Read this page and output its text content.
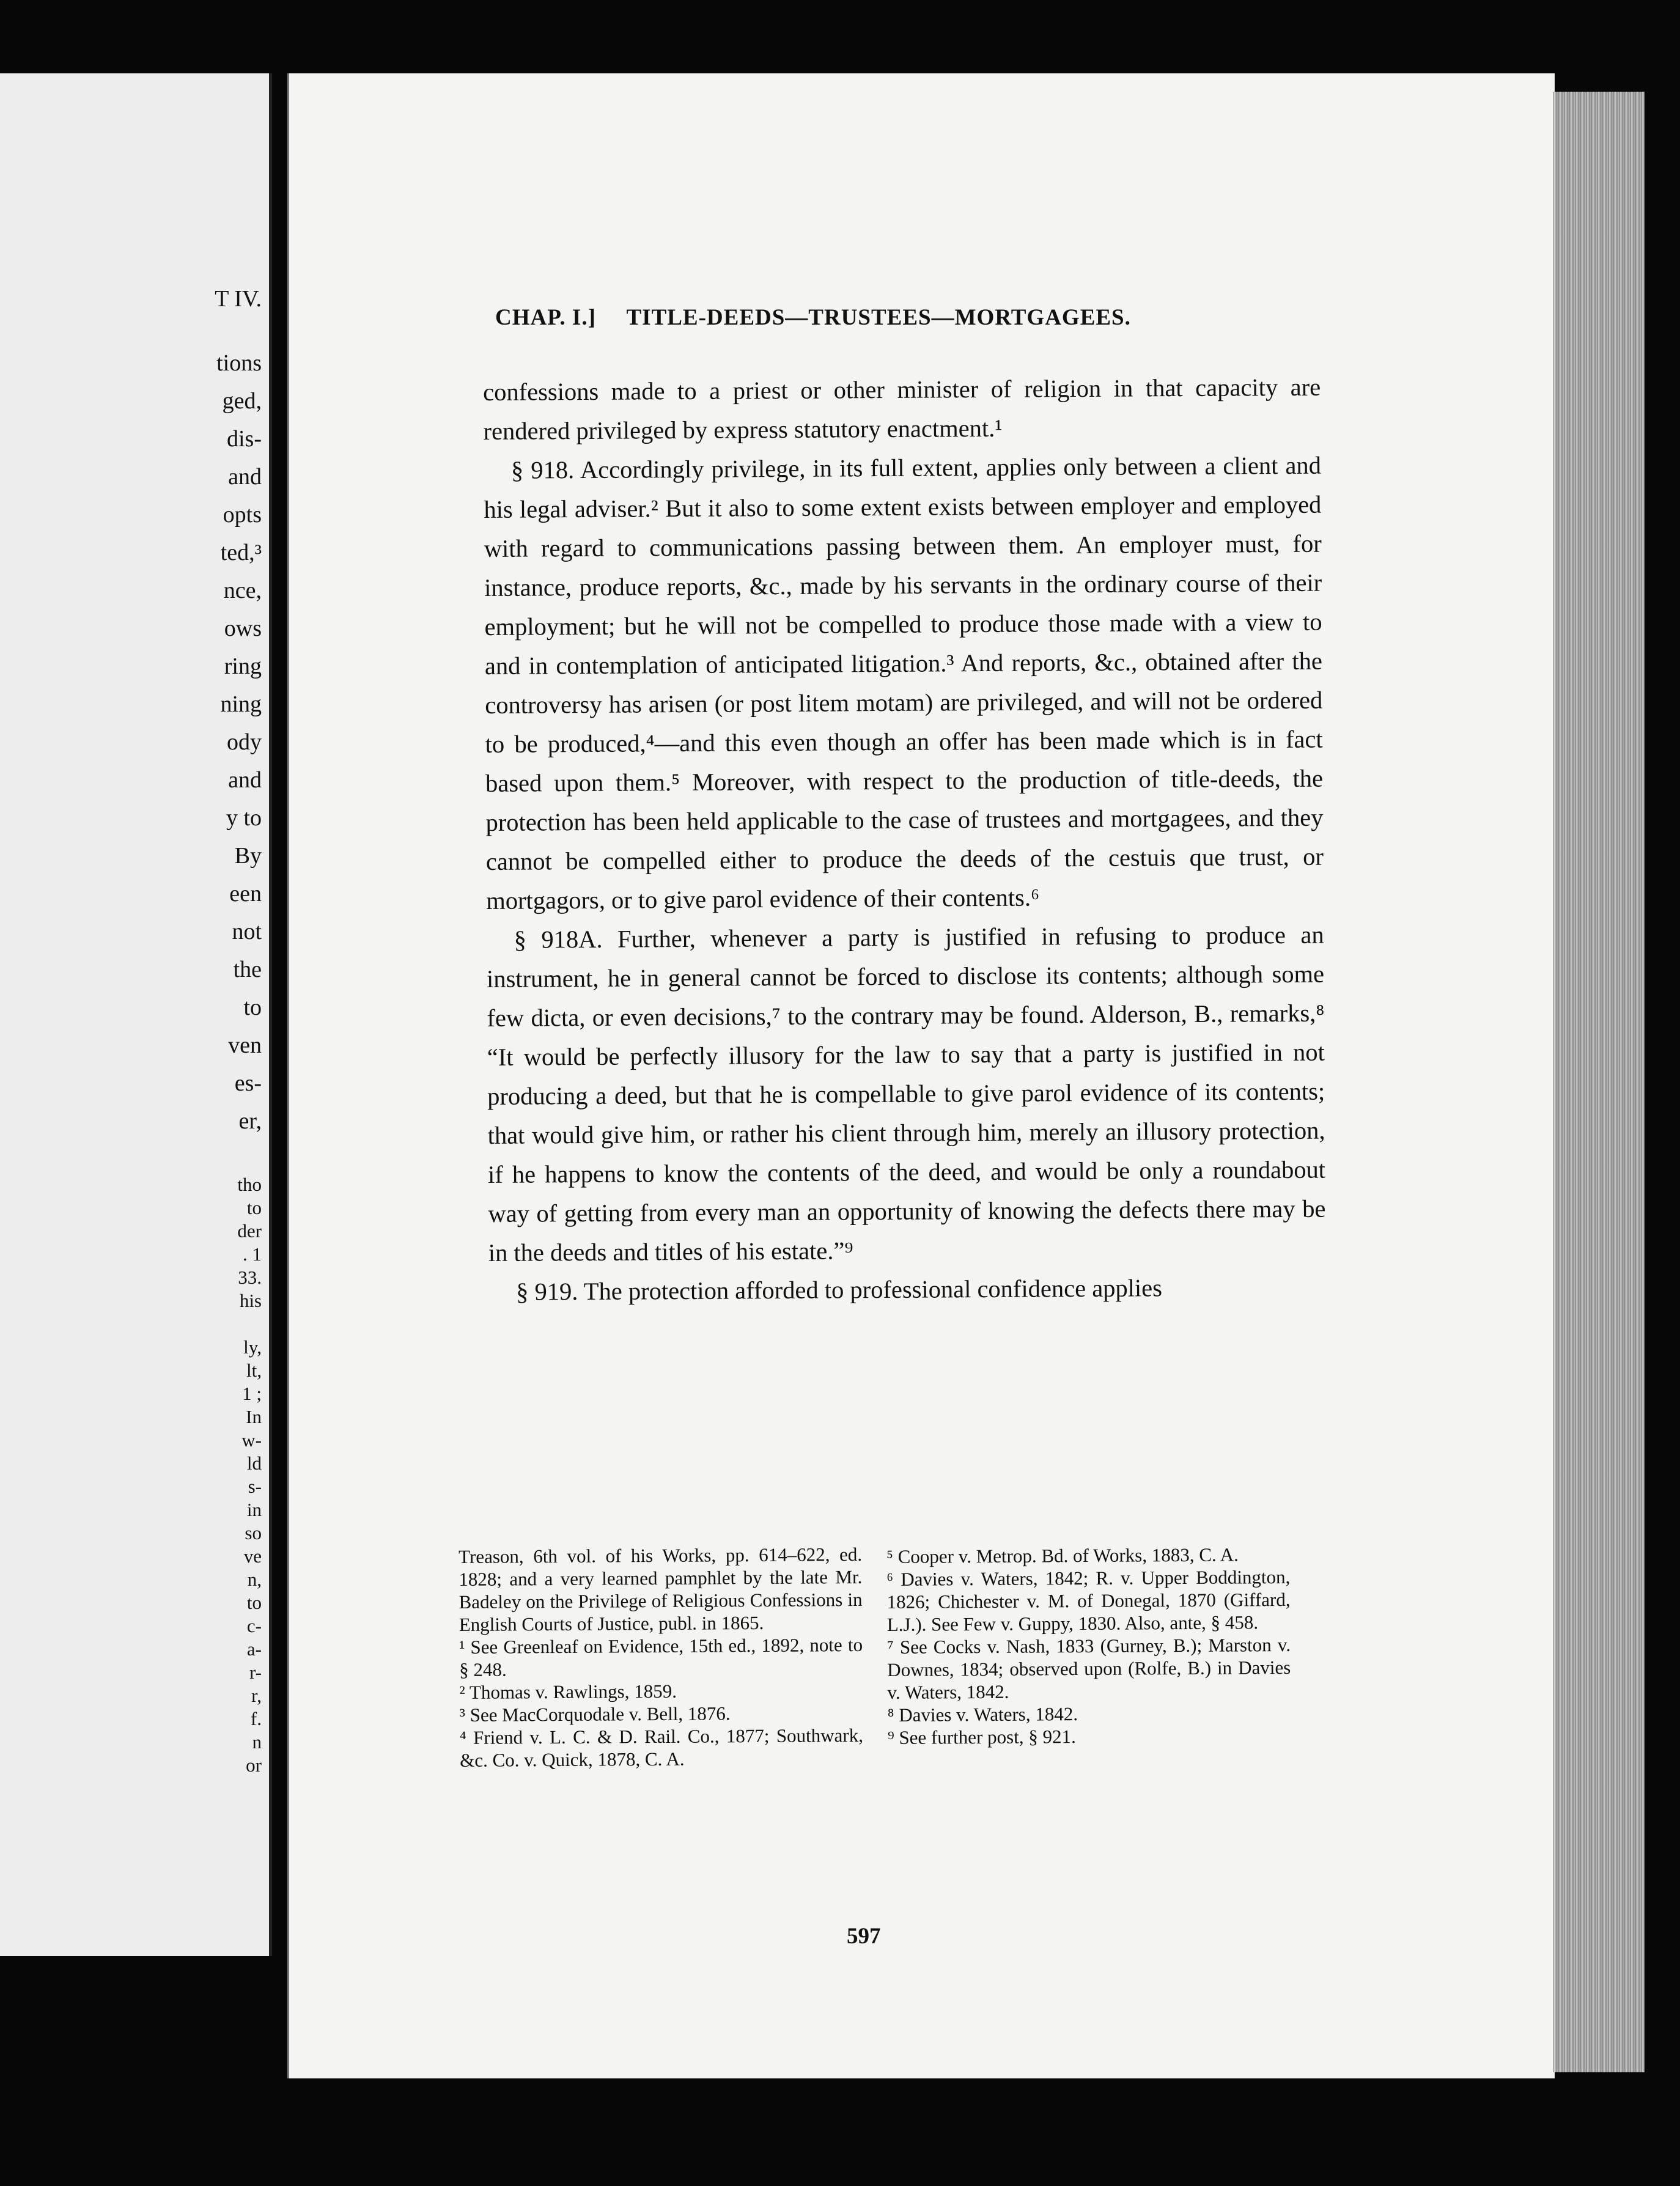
T IV.
tions
ged,
dis-
and
opts
ted,³
nce,
ows
ring
ning
ody
and
y to
By
een
not
the
to
ven
es-
er,
tho
to
der
. 1
33.
his
ly,
lt,
1 ;
In
w-
ld
s-
in
so
ve
n,
to
c-
a-
r-
r,
f.
n
or
CHAP. I.] TITLE-DEEDS—TRUSTEES—MORTGAGEES.

confessions made to a priest or other minister of religion in that capacity are rendered privileged by express statutory enactment.¹

§ 918. Accordingly privilege, in its full extent, applies only between a client and his legal adviser.² But it also to some extent exists between employer and employed with regard to communications passing between them. An employer must, for instance, produce reports, &c., made by his servants in the ordinary course of their employment; but he will not be compelled to produce those made with a view to and in contemplation of anticipated litigation.³ And reports, &c., obtained after the controversy has arisen (or post litem motam) are privileged, and will not be ordered to be produced,⁴—and this even though an offer has been made which is in fact based upon them.⁵ Moreover, with respect to the production of title-deeds, the protection has been held applicable to the case of trustees and mortgagees, and they cannot be compelled either to produce the deeds of the cestuis que trust, or mortgagors, or to give parol evidence of their contents.⁶

§ 918A. Further, whenever a party is justified in refusing to produce an instrument, he in general cannot be forced to disclose its contents; although some few dicta, or even decisions,⁷ to the contrary may be found. Alderson, B., remarks,⁸ “It would be perfectly illusory for the law to say that a party is justified in not producing a deed, but that he is compellable to give parol evidence of its contents; that would give him, or rather his client through him, merely an illusory protection, if he happens to know the contents of the deed, and would be only a roundabout way of getting from every man an opportunity of knowing the defects there may be in the deeds and titles of his estate.”⁹

§ 919. The protection afforded to professional confidence applies

Treason, 6th vol. of his Works, pp. 614–622, ed. 1828; and a very learned pamphlet by the late Mr. Badeley on the Privilege of Religious Confessions in English Courts of Justice, publ. in 1865.

¹ See Greenleaf on Evidence, 15th ed., 1892, note to § 248.

² Thomas v. Rawlings, 1859.

³ See MacCorquodale v. Bell, 1876.

⁴ Friend v. L. C. & D. Rail. Co., 1877; Southwark, &c. Co. v. Quick, 1878, C. A.

⁵ Cooper v. Metrop. Bd. of Works, 1883, C. A.

⁶ Davies v. Waters, 1842; R. v. Upper Boddington, 1826; Chichester v. M. of Donegal, 1870 (Giffard, L.J.). See Few v. Guppy, 1830. Also, ante, § 458.

⁷ See Cocks v. Nash, 1833 (Gurney, B.); Marston v. Downes, 1834; observed upon (Rolfe, B.) in Davies v. Waters, 1842.

⁸ Davies v. Waters, 1842.

⁹ See further post, § 921.

597
